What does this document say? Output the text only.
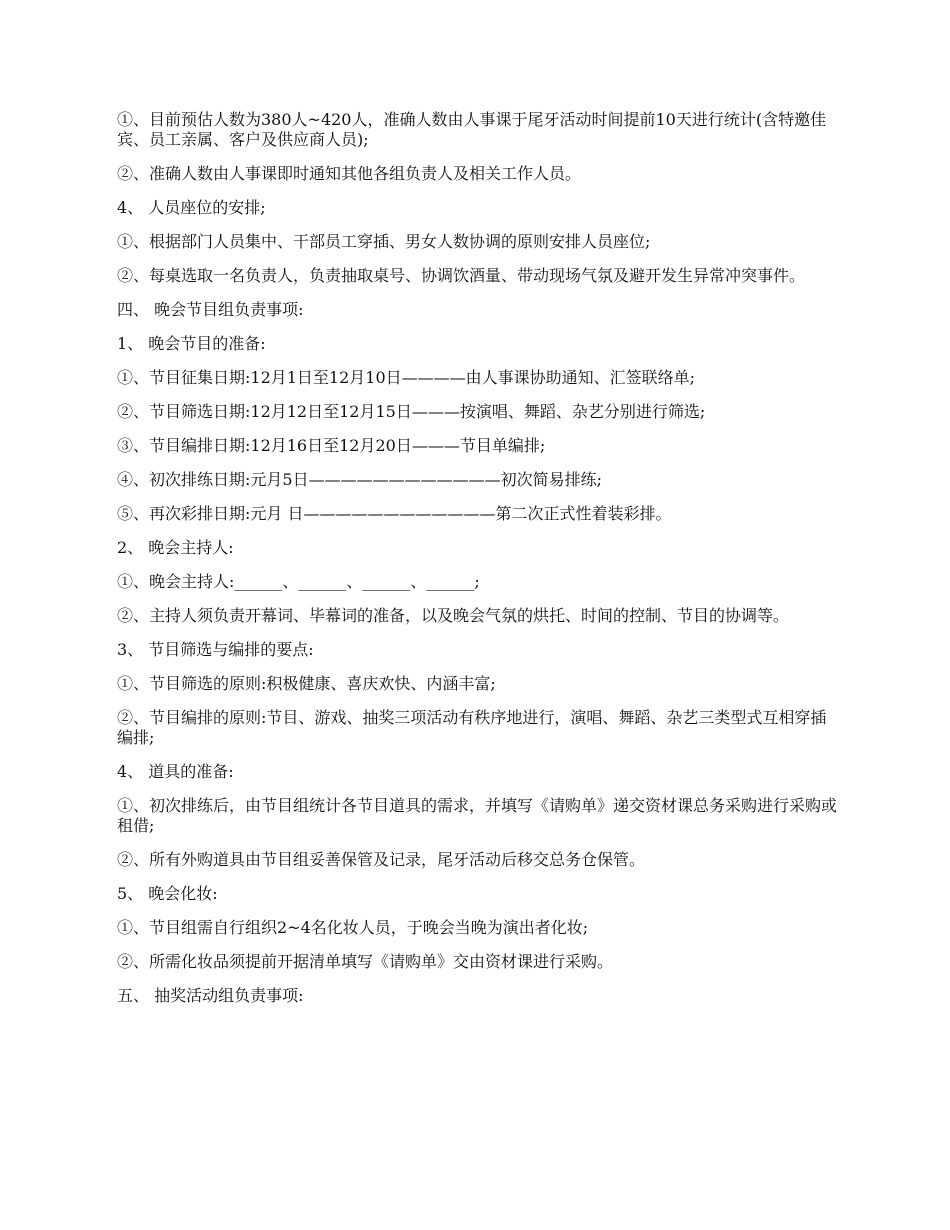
①、目前预估人数为380人~420人，准确人数由人事课于尾牙活动时间提前10天进行统计(含特邀佳宾、员工亲属、客户及供应商人员);

②、准确人数由人事课即时通知其他各组负责人及相关工作人员。

4、 人员座位的安排;

①、根据部门人员集中、干部员工穿插、男女人数协调的原则安排人员座位;

②、每桌选取一名负责人，负责抽取桌号、协调饮酒量、带动现场气氛及避开发生异常冲突事件。

四、 晚会节目组负责事项:

1、 晚会节目的准备:

①、节目征集日期:12月1日至12月10日————由人事课协助通知、汇签联络单;

②、节目筛选日期:12月12日至12月15日———按演唱、舞蹈、杂艺分别进行筛选;

③、节目编排日期:12月16日至12月20日———节目单编排;

④、初次排练日期:元月5日————————————初次简易排练;

⑤、再次彩排日期:元月 日————————————第二次正式性着装彩排。

2、 晚会主持人:

①、晚会主持人:______、______、______、______;

②、主持人须负责开幕词、毕幕词的准备，以及晚会气氛的烘托、时间的控制、节目的协调等。

3、 节目筛选与编排的要点:

①、节目筛选的原则:积极健康、喜庆欢快、内涵丰富;

②、节目编排的原则:节目、游戏、抽奖三项活动有秩序地进行，演唱、舞蹈、杂艺三类型式互相穿插编排;

4、 道具的准备:

①、初次排练后，由节目组统计各节目道具的需求，并填写《请购单》递交资材课总务采购进行采购或租借;

②、所有外购道具由节目组妥善保管及记录，尾牙活动后移交总务仓保管。

5、 晚会化妆:

①、节目组需自行组织2~4名化妆人员，于晚会当晚为演出者化妆;

②、所需化妆品须提前开据清单填写《请购单》交由资材课进行采购。

五、 抽奖活动组负责事项:
